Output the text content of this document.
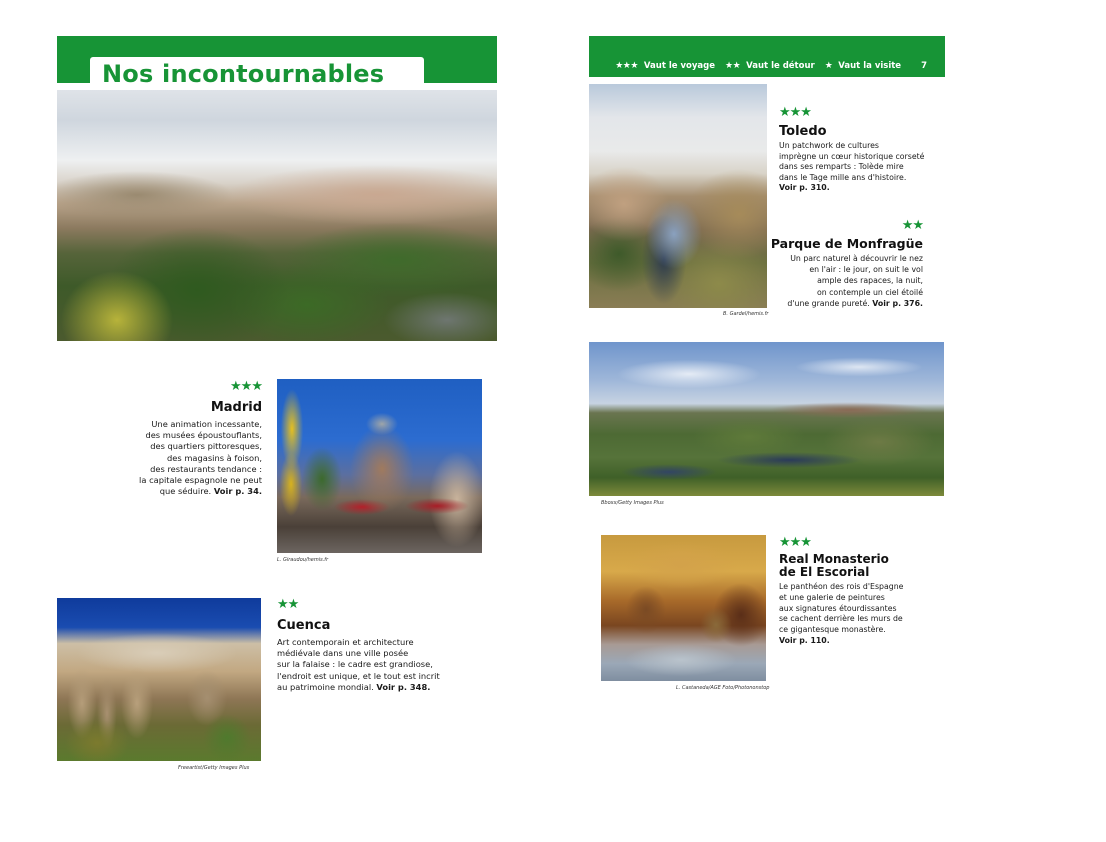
Nos incontournables
★★★
Madrid
Une animation incessante,
des musées époustouflants,
des quartiers pittoresques,
des magasins à foison,
des restaurants tendance :
la capitale espagnole ne peut
que séduire. Voir p. 34.
L. Giraudou/hemis.fr
Freeartist/Getty Images Plus
★★
Cuenca
Art contemporain et architecture
médiévale dans une ville posée
sur la falaise : le cadre est grandiose,
l'endroit est unique, et le tout est incrit
au patrimoine mondial. Voir p. 348.
★★★ Vaut le voyage ★★ Vaut le détour ★ Vaut la visite 7
B. Gardel/hemis.fr
★★★
Toledo
Un patchwork de cultures
imprègne un cœur historique corseté
dans ses remparts : Tolède mire
dans le Tage mille ans d'histoire.
Voir p. 310.
★★
Parque de Monfragüe
Un parc naturel à découvrir le nez
en l'air : le jour, on suit le vol
ample des rapaces, la nuit,
on contemple un ciel étoilé
d'une grande pureté. Voir p. 376.
Bboxx/Getty Images Plus
L. Castaneda/AGE Foto/Photononstop
★★★
Real Monasterio
de El Escorial
Le panthéon des rois d'Espagne
et une galerie de peintures
aux signatures étourdissantes
se cachent derrière les murs de
ce gigantesque monastère.
Voir p. 110.
